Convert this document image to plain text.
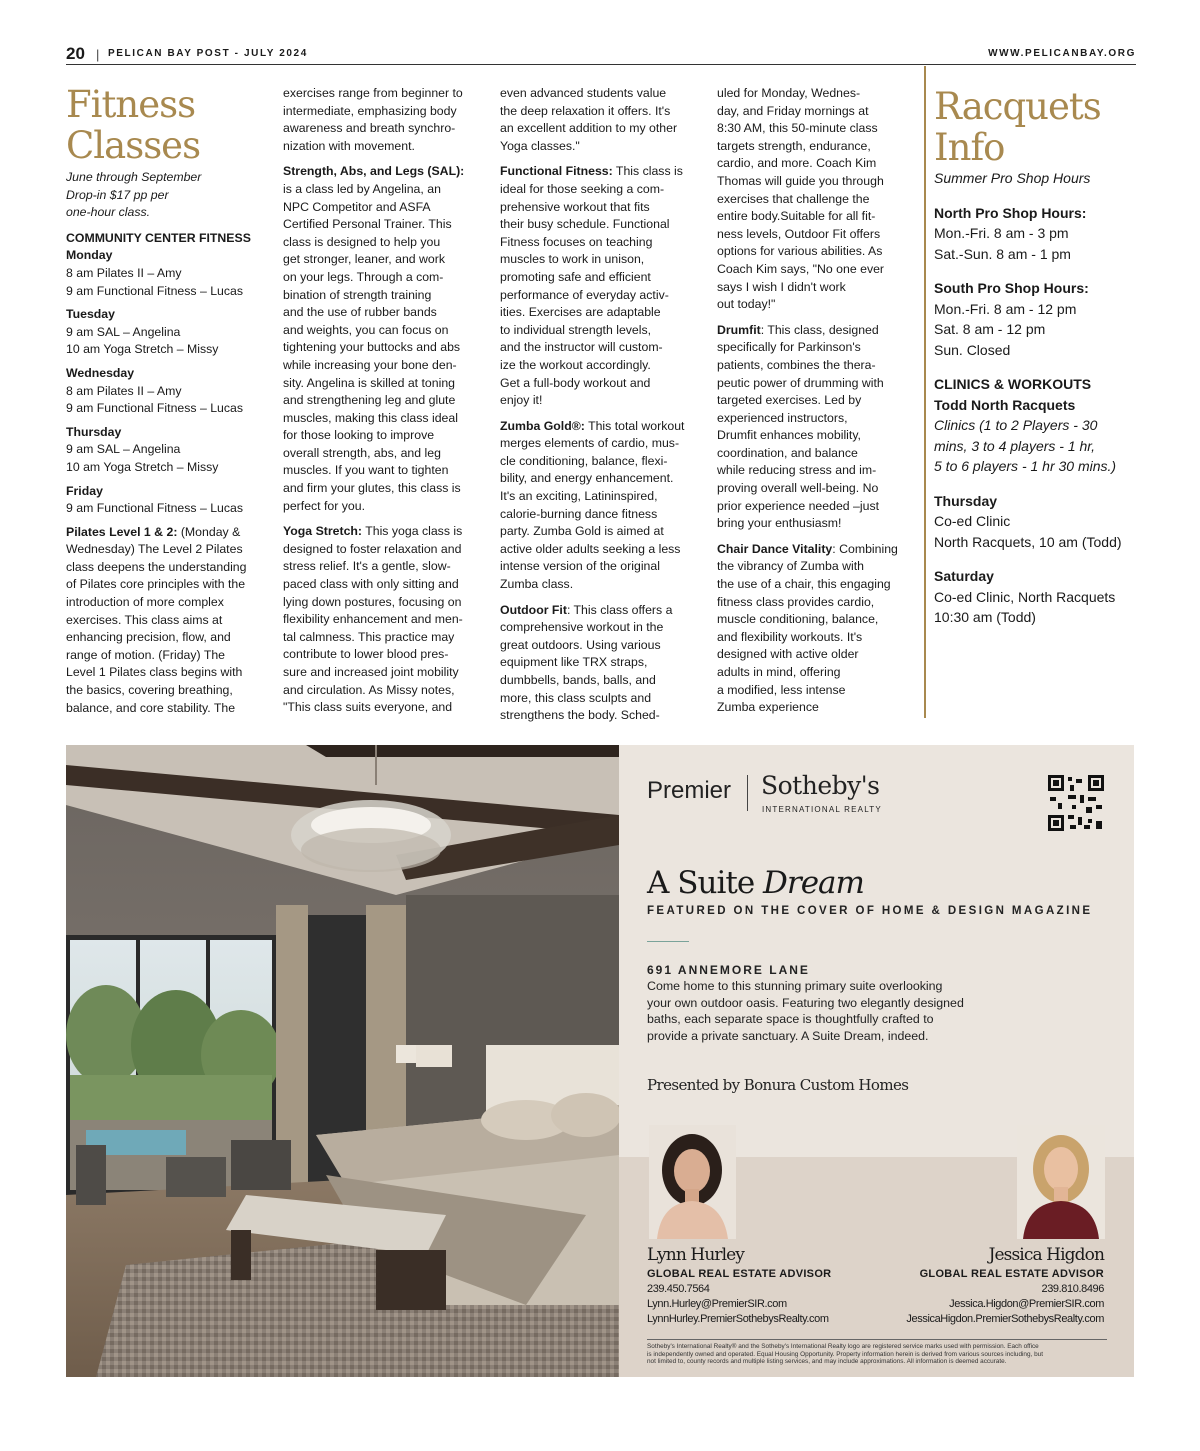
20 | PELICAN BAY POST - JULY 2024	WWW.PELICANBAY.ORG
Fitness
Classes
June through September
Drop-in $17 pp per
one-hour class.
COMMUNITY CENTER FITNESS
Monday
8 am Pilates II – Amy
9 am Functional Fitness – Lucas
Tuesday
9 am SAL – Angelina
10 am Yoga Stretch – Missy
Wednesday
8 am Pilates II – Amy
9 am Functional Fitness – Lucas
Thursday
9 am SAL – Angelina
10 am Yoga Stretch – Missy
Friday
9 am Functional Fitness – Lucas
Pilates Level 1 & 2: (Monday &
Wednesday) The Level 2 Pilates
class deepens the understanding
of Pilates core principles with the
introduction of more complex
exercises. This class aims at
enhancing precision, flow, and
range of motion. (Friday) The
Level 1 Pilates class begins with
the basics, covering breathing,
balance, and core stability. The
exercises range from beginner to
intermediate, emphasizing body
awareness and breath synchro-
nization with movement.
Strength, Abs, and Legs (SAL):
is a class led by Angelina, an
NPC Competitor and ASFA
Certified Personal Trainer. This
class is designed to help you
get stronger, leaner, and work
on your legs. Through a com-
bination of strength training
and the use of rubber bands
and weights, you can focus on
tightening your buttocks and abs
while increasing your bone den-
sity. Angelina is skilled at toning
and strengthening leg and glute
muscles, making this class ideal
for those looking to improve
overall strength, abs, and leg
muscles. If you want to tighten
and firm your glutes, this class is
perfect for you.
Yoga Stretch: This yoga class is
designed to foster relaxation and
stress relief. It's a gentle, slow-
paced class with only sitting and
lying down postures, focusing on
flexibility enhancement and men-
tal calmness. This practice may
contribute to lower blood pres-
sure and increased joint mobility
and circulation. As Missy notes,
"This class suits everyone, and
even advanced students value
the deep relaxation it offers. It's
an excellent addition to my other
Yoga classes."
Functional Fitness: This class is
ideal for those seeking a com-
prehensive workout that fits
their busy schedule. Functional
Fitness focuses on teaching
muscles to work in unison,
promoting safe and efficient
performance of everyday activ-
ities. Exercises are adaptable
to individual strength levels,
and the instructor will custom-
ize the workout accordingly.
Get a full-body workout and
enjoy it!
Zumba Gold®: This total workout
merges elements of cardio, mus-
cle conditioning, balance, flexi-
bility, and energy enhancement.
It's an exciting, Latininspired,
calorie-burning dance fitness
party. Zumba Gold is aimed at
active older adults seeking a less
intense version of the original
Zumba class.
Outdoor Fit: This class offers a
comprehensive workout in the
great outdoors. Using various
equipment like TRX straps,
dumbbells, bands, balls, and
more, this class sculpts and
strengthens the body. Sched-
uled for Monday, Wednes-
day, and Friday mornings at
8:30 AM, this 50-minute class
targets strength, endurance,
cardio, and more. Coach Kim
Thomas will guide you through
exercises that challenge the
entire body.Suitable for all fit-
ness levels, Outdoor Fit offers
options for various abilities. As
Coach Kim says, "No one ever
says I wish I didn't work
out today!"
Drumfit: This class, designed
specifically for Parkinson's
patients, combines the thera-
peutic power of drumming with
targeted exercises. Led by
experienced instructors,
Drumfit enhances mobility,
coordination, and balance
while reducing stress and im-
proving overall well-being. No
prior experience needed –just
bring your enthusiasm!
Chair Dance Vitality: Combining
the vibrancy of Zumba with
the use of a chair, this engaging
fitness class provides cardio,
muscle conditioning, balance,
and flexibility workouts. It's
designed with active older
adults in mind, offering
a modified, less intense
Zumba experience
Racquets
Info
Summer Pro Shop Hours
North Pro Shop Hours:
Mon.-Fri. 8 am - 3 pm
Sat.-Sun. 8 am - 1 pm
South Pro Shop Hours:
Mon.-Fri. 8 am - 12 pm
Sat. 8 am - 12 pm
Sun. Closed
CLINICS & WORKOUTS
Todd North Racquets
Clinics (1 to 2 Players - 30
mins, 3 to 4 players - 1 hr,
5 to 6 players - 1 hr 30 mins.)
Thursday
Co-ed Clinic
North Racquets, 10 am (Todd)
Saturday
Co-ed Clinic, North Racquets
10:30 am (Todd)
Premier Sotheby's
INTERNATIONAL REALTY
A Suite Dream
FEATURED ON THE COVER OF HOME & DESIGN MAGAZINE
691 ANNEMORE LANE
Come home to this stunning primary suite overlooking
your own outdoor oasis. Featuring two elegantly designed
baths, each separate space is thoughtfully crafted to
provide a private sanctuary. A Suite Dream, indeed.
Presented by Bonura Custom Homes
Lynn Hurley
GLOBAL REAL ESTATE ADVISOR
239.450.7564
Lynn.Hurley@PremierSIR.com
LynnHurley.PremierSothebysRealty.com
Jessica Higdon
GLOBAL REAL ESTATE ADVISOR
239.810.8496
Jessica.Higdon@PremierSIR.com
JessicaHigdon.PremierSothebysRealty.com
Sotheby's International Realty® and the Sotheby's International Realty logo are registered service marks used with permission. Each office
is independently owned and operated. Equal Housing Opportunity. Property information herein is derived from various sources including, but
not limited to, county records and multiple listing services, and may include approximations. All information is deemed accurate.
